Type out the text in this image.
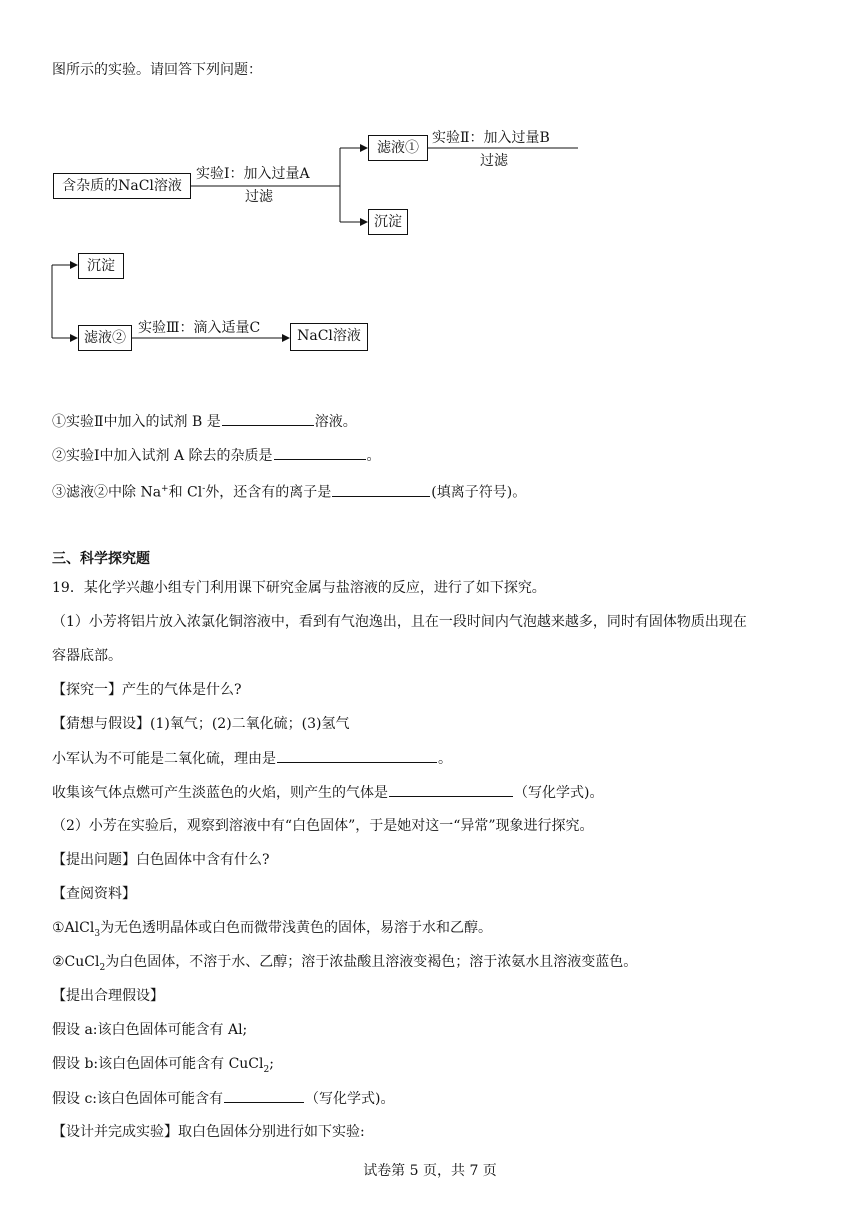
图所示的实验。请回答下列问题：
含杂质的NaCl溶液
实验Ⅰ：加入过量A
过滤
滤液①
实验Ⅱ：加入过量B
过滤
沉淀
沉淀
滤液②
实验Ⅲ：滴入适量C	NaCl溶液
①实验Ⅱ中加入的试剂 B 是	溶液。
②实验Ⅰ中加入试剂 A 除去的杂质是	。
③滤液②中除 Na+和 Cl-外，还含有的离子是	(填离子符号)。
三、科学探究题
19．某化学兴趣小组专门利用课下研究金属与盐溶液的反应，进行了如下探究。
（1）小芳将铝片放入浓氯化铜溶液中，看到有气泡逸出，且在一段时间内气泡越来越多，同时有固体物质出现在
容器底部。
【探究一】产生的气体是什么?
【猜想与假设】(1)氧气；(2)二氧化硫；(3)氢气
小军认为不可能是二氧化硫，理由是	。
收集该气体点燃可产生淡蓝色的火焰，则产生的气体是	（写化学式)。
（2）小芳在实验后，观察到溶液中有“白色固体”，于是她对这一“异常”现象进行探究。
【提出问题】白色固体中含有什么?
【查阅资料】
①AlCl$_3$为无色透明晶体或白色而微带浅黄色的固体，易溶于水和乙醇。
②CuCl$_2$为白色固体，不溶于水、乙醇；溶于浓盐酸且溶液变褐色；溶于浓氨水且溶液变蓝色。
【提出合理假设】
假设 a:该白色固体可能含有 Al;
假设 b:该白色固体可能含有 CuCl$_2$;
假设 c:该白色固体可能含有	（写化学式)。
【设计并完成实验】取白色固体分别进行如下实验:
试卷第 5 页，共 7 页
